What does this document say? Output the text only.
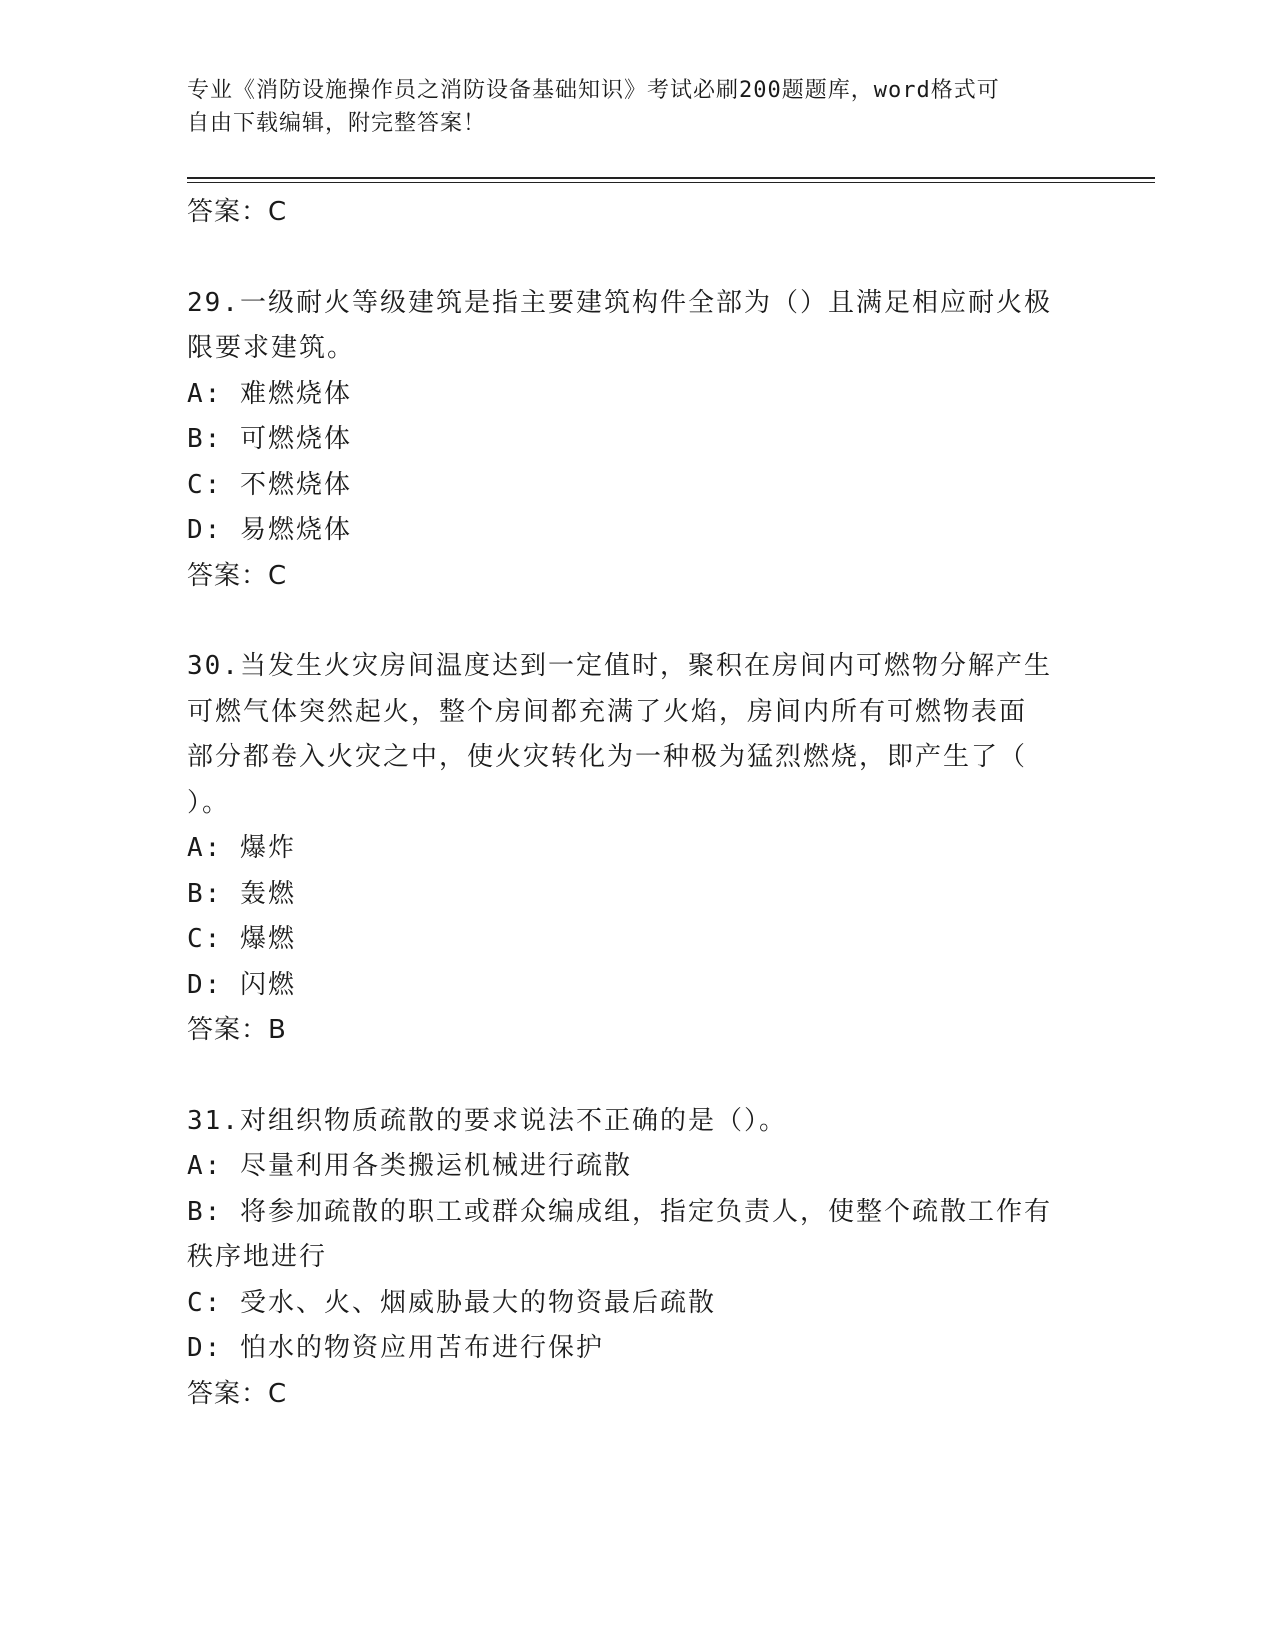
专业《消防设施操作员之消防设备基础知识》考试必刷200题题库，word格式可
自由下载编辑，附完整答案！
答案：C
29.一级耐火等级建筑是指主要建筑构件全部为（）且满足相应耐火极
限要求建筑。
A: 难燃烧体
B: 可燃烧体
C: 不燃烧体
D: 易燃烧体
答案：C
30.当发生火灾房间温度达到一定值时，聚积在房间内可燃物分解产生
可燃气体突然起火，整个房间都充满了火焰，房间内所有可燃物表面
部分都卷入火灾之中，使火灾转化为一种极为猛烈燃烧，即产生了（
）。
A: 爆炸
B: 轰燃
C: 爆燃
D: 闪燃
答案：B
31.对组织物质疏散的要求说法不正确的是（）。
A: 尽量利用各类搬运机械进行疏散
B: 将参加疏散的职工或群众编成组，指定负责人，使整个疏散工作有
秩序地进行
C: 受水、火、烟威胁最大的物资最后疏散
D: 怕水的物资应用苫布进行保护
答案：C
